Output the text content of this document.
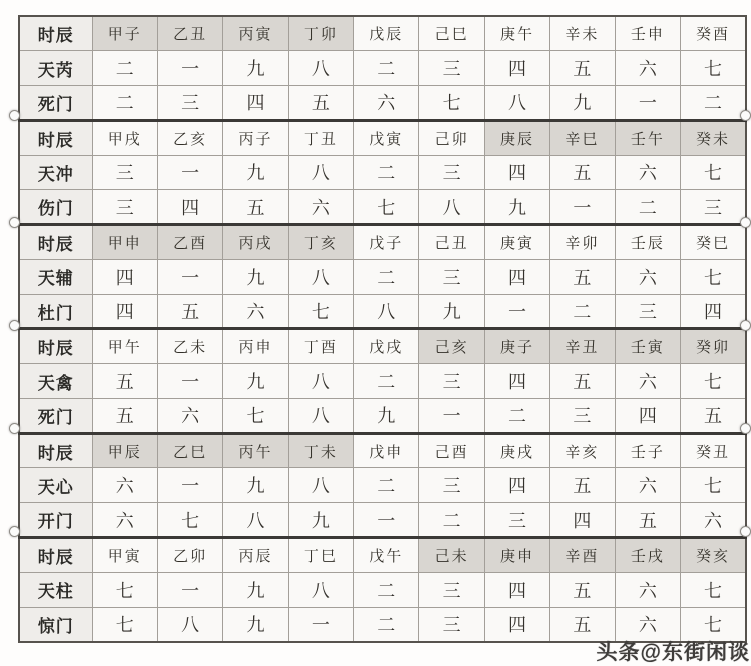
时辰	甲子	乙丑	丙寅	丁卯	戊辰	己巳	庚午	辛未	壬申	癸酉
天芮	二	一	九	八	二	三	四	五	六	七
死门	二	三	四	五	六	七	八	九	一	二
时辰	甲戌	乙亥	丙子	丁丑	戊寅	己卯	庚辰	辛巳	壬午	癸未
天冲	三	一	九	八	二	三	四	五	六	七
伤门	三	四	五	六	七	八	九	一	二	三
时辰	甲申	乙酉	丙戌	丁亥	戊子	己丑	庚寅	辛卯	壬辰	癸巳
天辅	四	一	九	八	二	三	四	五	六	七
杜门	四	五	六	七	八	九	一	二	三	四
时辰	甲午	乙未	丙申	丁酉	戊戌	己亥	庚子	辛丑	壬寅	癸卯
天禽	五	一	九	八	二	三	四	五	六	七
死门	五	六	七	八	九	一	二	三	四	五
时辰	甲辰	乙巳	丙午	丁未	戊申	己酉	庚戌	辛亥	壬子	癸丑
天心	六	一	九	八	二	三	四	五	六	七
开门	六	七	八	九	一	二	三	四	五	六
时辰	甲寅	乙卯	丙辰	丁巳	戊午	己未	庚申	辛酉	壬戌	癸亥
天柱	七	一	九	八	二	三	四	五	六	七
惊门	七	八	九	一	二	三	四	五	六	七
头条@东街闲谈
